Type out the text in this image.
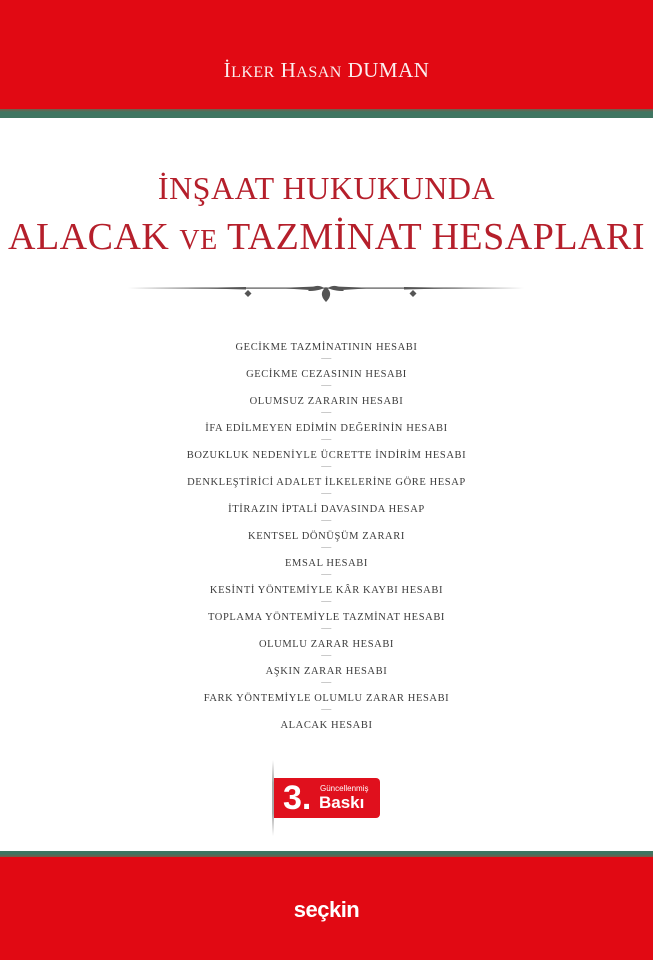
İLKER HASAN DUMAN
İNŞAAT HUKUKUNDA
ALACAK VE TAZMİNAT HESAPLARI
GECİKME TAZMİNATININ HESABI
—
GECİKME CEZASININ HESABI
—
OLUMSUZ ZARARIN HESABI
—
İFA EDİLMEYEN EDİMİN DEĞERİNİN HESABI
—
BOZUKLUK NEDENİYLE ÜCRETTE İNDİRİM HESABI
—
DENKLEŞTİRİCİ ADALET İLKELERİNE GÖRE HESAP
—
İTİRAZIN İPTALİ DAVASINDA HESAP
—
KENTSEL DÖNÜŞÜM ZARARI
—
EMSAL HESABI
—
KESİNTİ YÖNTEMİYLE KÂR KAYBI HESABI
—
TOPLAMA YÖNTEMİYLE TAZMİNAT HESABI
—
OLUMLU ZARAR HESABI
—
AŞKIN ZARAR HESABI
—
FARK YÖNTEMİYLE OLUMLU ZARAR HESABI
—
ALACAK HESABI
3. Güncellenmiş
Baskı
seçkin
